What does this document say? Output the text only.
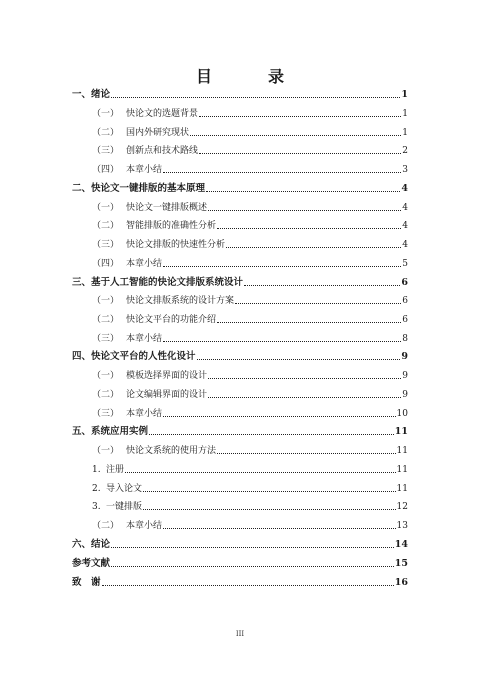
目　录
一、绪论	1
（一） 快论文的选题背景	1
（二） 国内外研究现状	1
（三） 创新点和技术路线	2
（四） 本章小结	3
二、快论文一键排版的基本原理	4
（一） 快论文一键排版概述	4
（二） 智能排版的准确性分析	4
（三） 快论文排版的快速性分析	4
（四） 本章小结	5
三、基于人工智能的快论文排版系统设计	6
（一） 快论文排版系统的设计方案	6
（二） 快论文平台的功能介绍	6
（三） 本章小结	8
四、快论文平台的人性化设计	9
（一） 模板选择界面的设计	9
（二） 论文编辑界面的设计	9
（三） 本章小结	10
五、系统应用实例	11
（一） 快论文系统的使用方法	11
1. 注册	11
2. 导入论文	11
3. 一键排版	12
（二） 本章小结	13
六、结论	14
参考文献	15
致　谢	16
III
